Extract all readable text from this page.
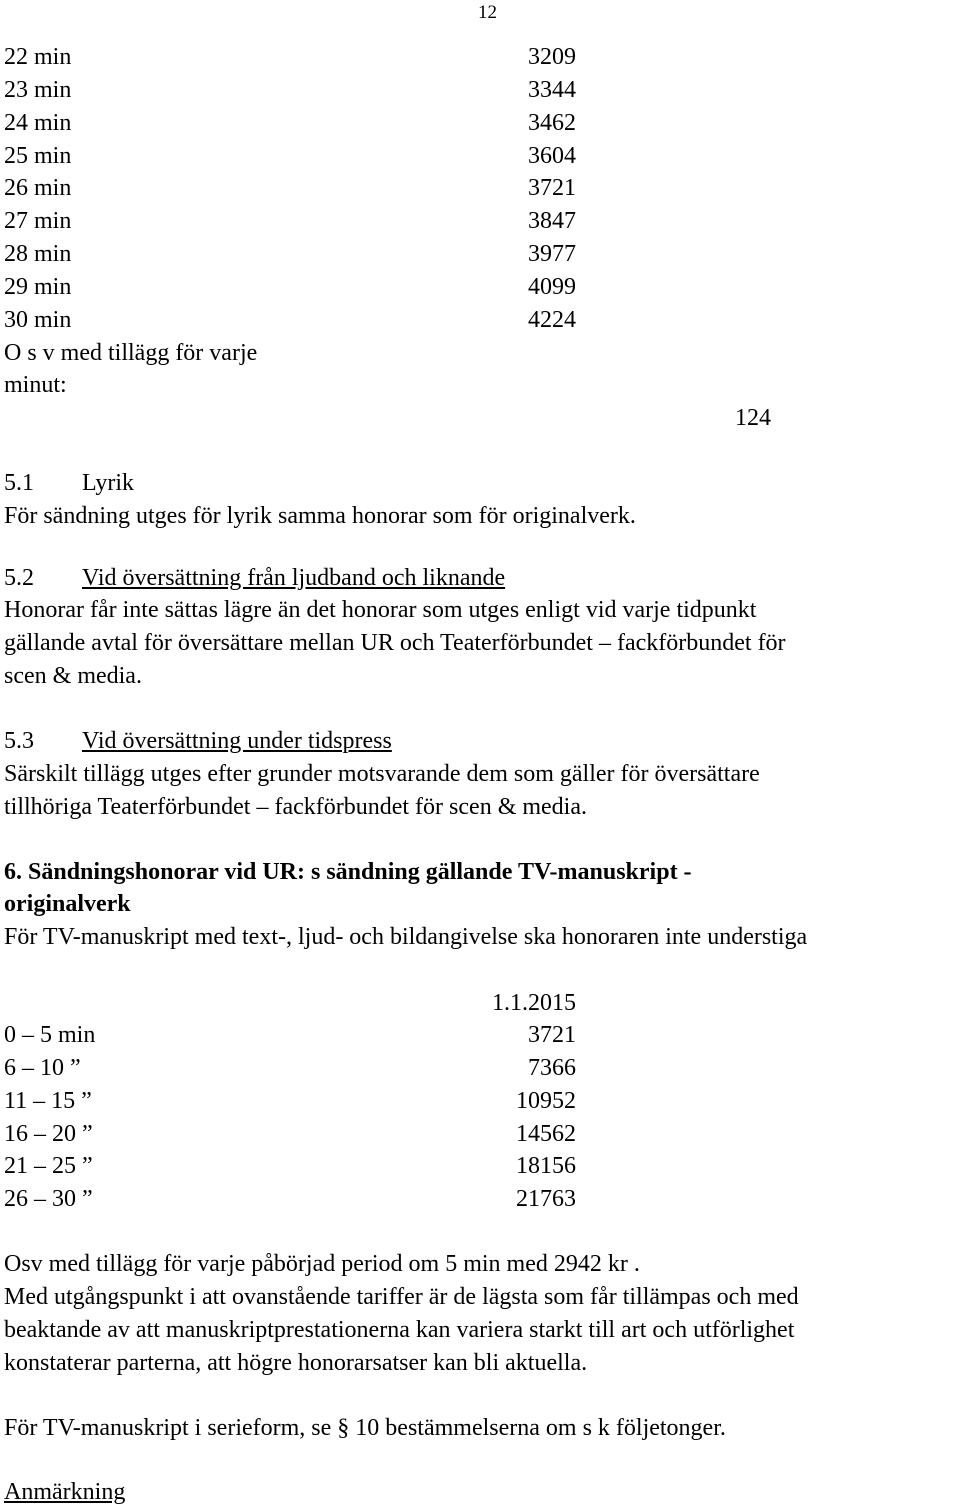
12
22 min	3209
23 min	3344
24 min	3462
25 min	3604
26 min	3721
27 min	3847
28 min	3977
29 min	4099
30 min	4224
O s v med tillägg för varje
minut:
124
5.1 Lyrik
För sändning utges för lyrik samma honorar som för originalverk.
5.2 Vid översättning från ljudband och liknande
Honorar får inte sättas lägre än det honorar som utges enligt vid varje tidpunkt
gällande avtal för översättare mellan UR och Teaterförbundet – fackförbundet för
scen & media.
5.3 Vid översättning under tidspress
Särskilt tillägg utges efter grunder motsvarande dem som gäller för översättare
tillhöriga Teaterförbundet – fackförbundet för scen & media.
6. Sändningshonorar vid UR: s sändning gällande TV-manuskript -
originalverk
För TV-manuskript med text-, ljud- och bildangivelse ska honoraren inte understiga
1.1.2015
0 – 5 min	3721
6 – 10 ”	7366
11 – 15 ”	10952
16 – 20 ”	14562
21 – 25 ”	18156
26 – 30 ”	21763
Osv med tillägg för varje påbörjad period om 5 min med 2942 kr .
Med utgångspunkt i att ovanstående tariffer är de lägsta som får tillämpas och med
beaktande av att manuskriptprestationerna kan variera starkt till art och utförlighet
konstaterar parterna, att högre honorarsatser kan bli aktuella.
För TV-manuskript i serieform, se § 10 bestämmelserna om s k följetonger.
Anmärkning
